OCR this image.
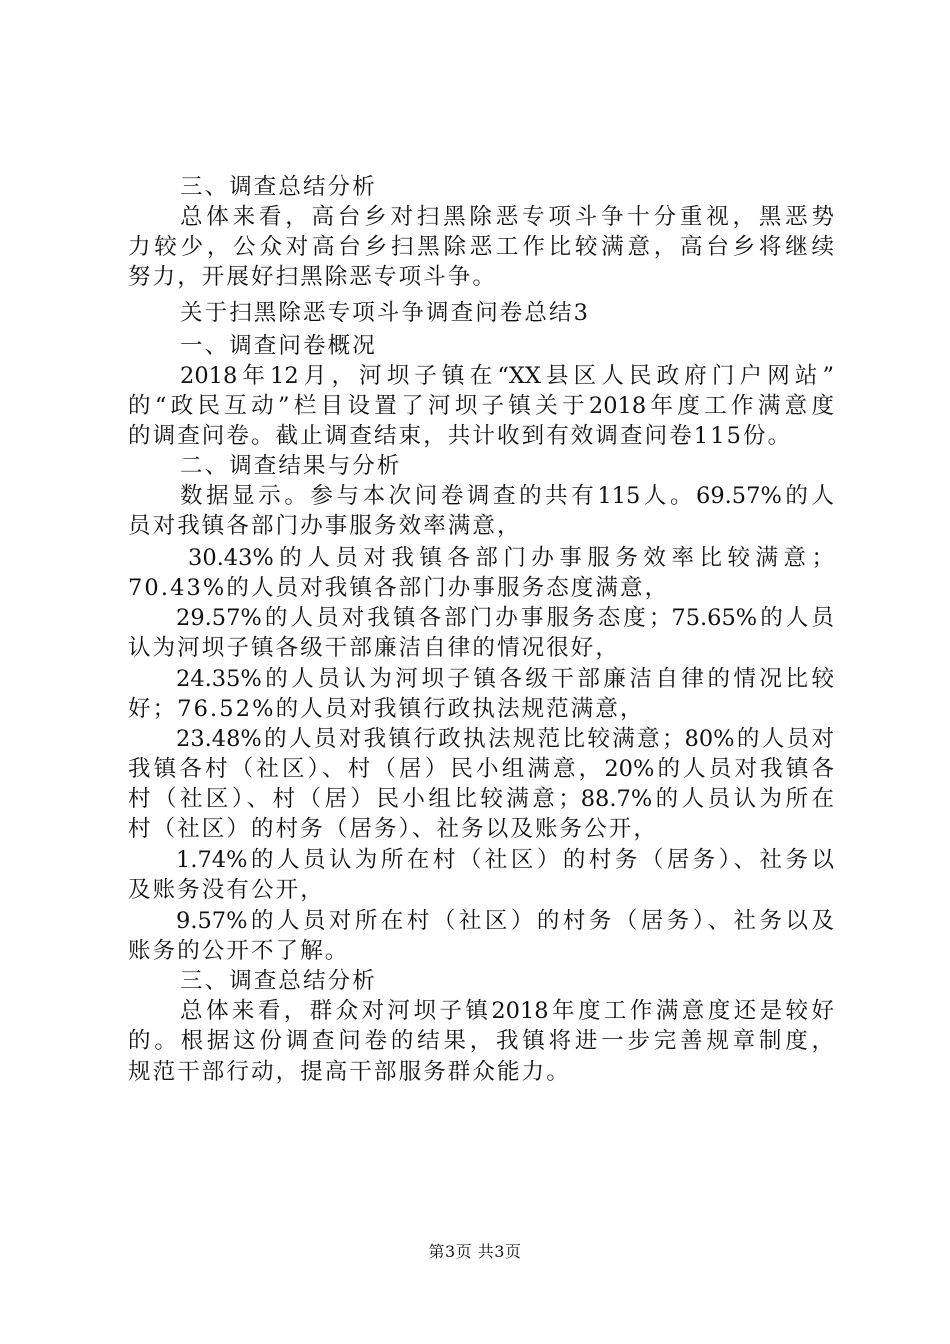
三、调查总结分析
总体来看，高台乡对扫黑除恶专项斗争十分重视，黑恶势
力较少，公众对高台乡扫黑除恶工作比较满意，高台乡将继续
努力，开展好扫黑除恶专项斗争。
关于扫黑除恶专项斗争调查问卷总结3
一、调查问卷概况
2018年12月，河坝子镇在“XX县区人民政府门户网站”
的“政民互动”栏目设置了河坝子镇关于2018年度工作满意度
的调查问卷。截止调查结束，共计收到有效调查问卷115份。
二、调查结果与分析
数据显示。参与本次问卷调查的共有115人。69.57%的人
员对我镇各部门办事服务效率满意，
30.43%的人员对我镇各部门办事服务效率比较满意；
70.43%的人员对我镇各部门办事服务态度满意，
29.57%的人员对我镇各部门办事服务态度；75.65%的人员
认为河坝子镇各级干部廉洁自律的情况很好，
24.35%的人员认为河坝子镇各级干部廉洁自律的情况比较
好；76.52%的人员对我镇行政执法规范满意，
23.48%的人员对我镇行政执法规范比较满意；80%的人员对
我镇各村（社区）、村（居）民小组满意，20%的人员对我镇各
村（社区）、村（居）民小组比较满意；88.7%的人员认为所在
村（社区）的村务（居务）、社务以及账务公开，
1.74%的人员认为所在村（社区）的村务（居务）、社务以
及账务没有公开，
9.57%的人员对所在村（社区）的村务（居务）、社务以及
账务的公开不了解。
三、调查总结分析
总体来看，群众对河坝子镇2018年度工作满意度还是较好
的。根据这份调查问卷的结果，我镇将进一步完善规章制度，
规范干部行动，提高干部服务群众能力。
第3页 共3页
